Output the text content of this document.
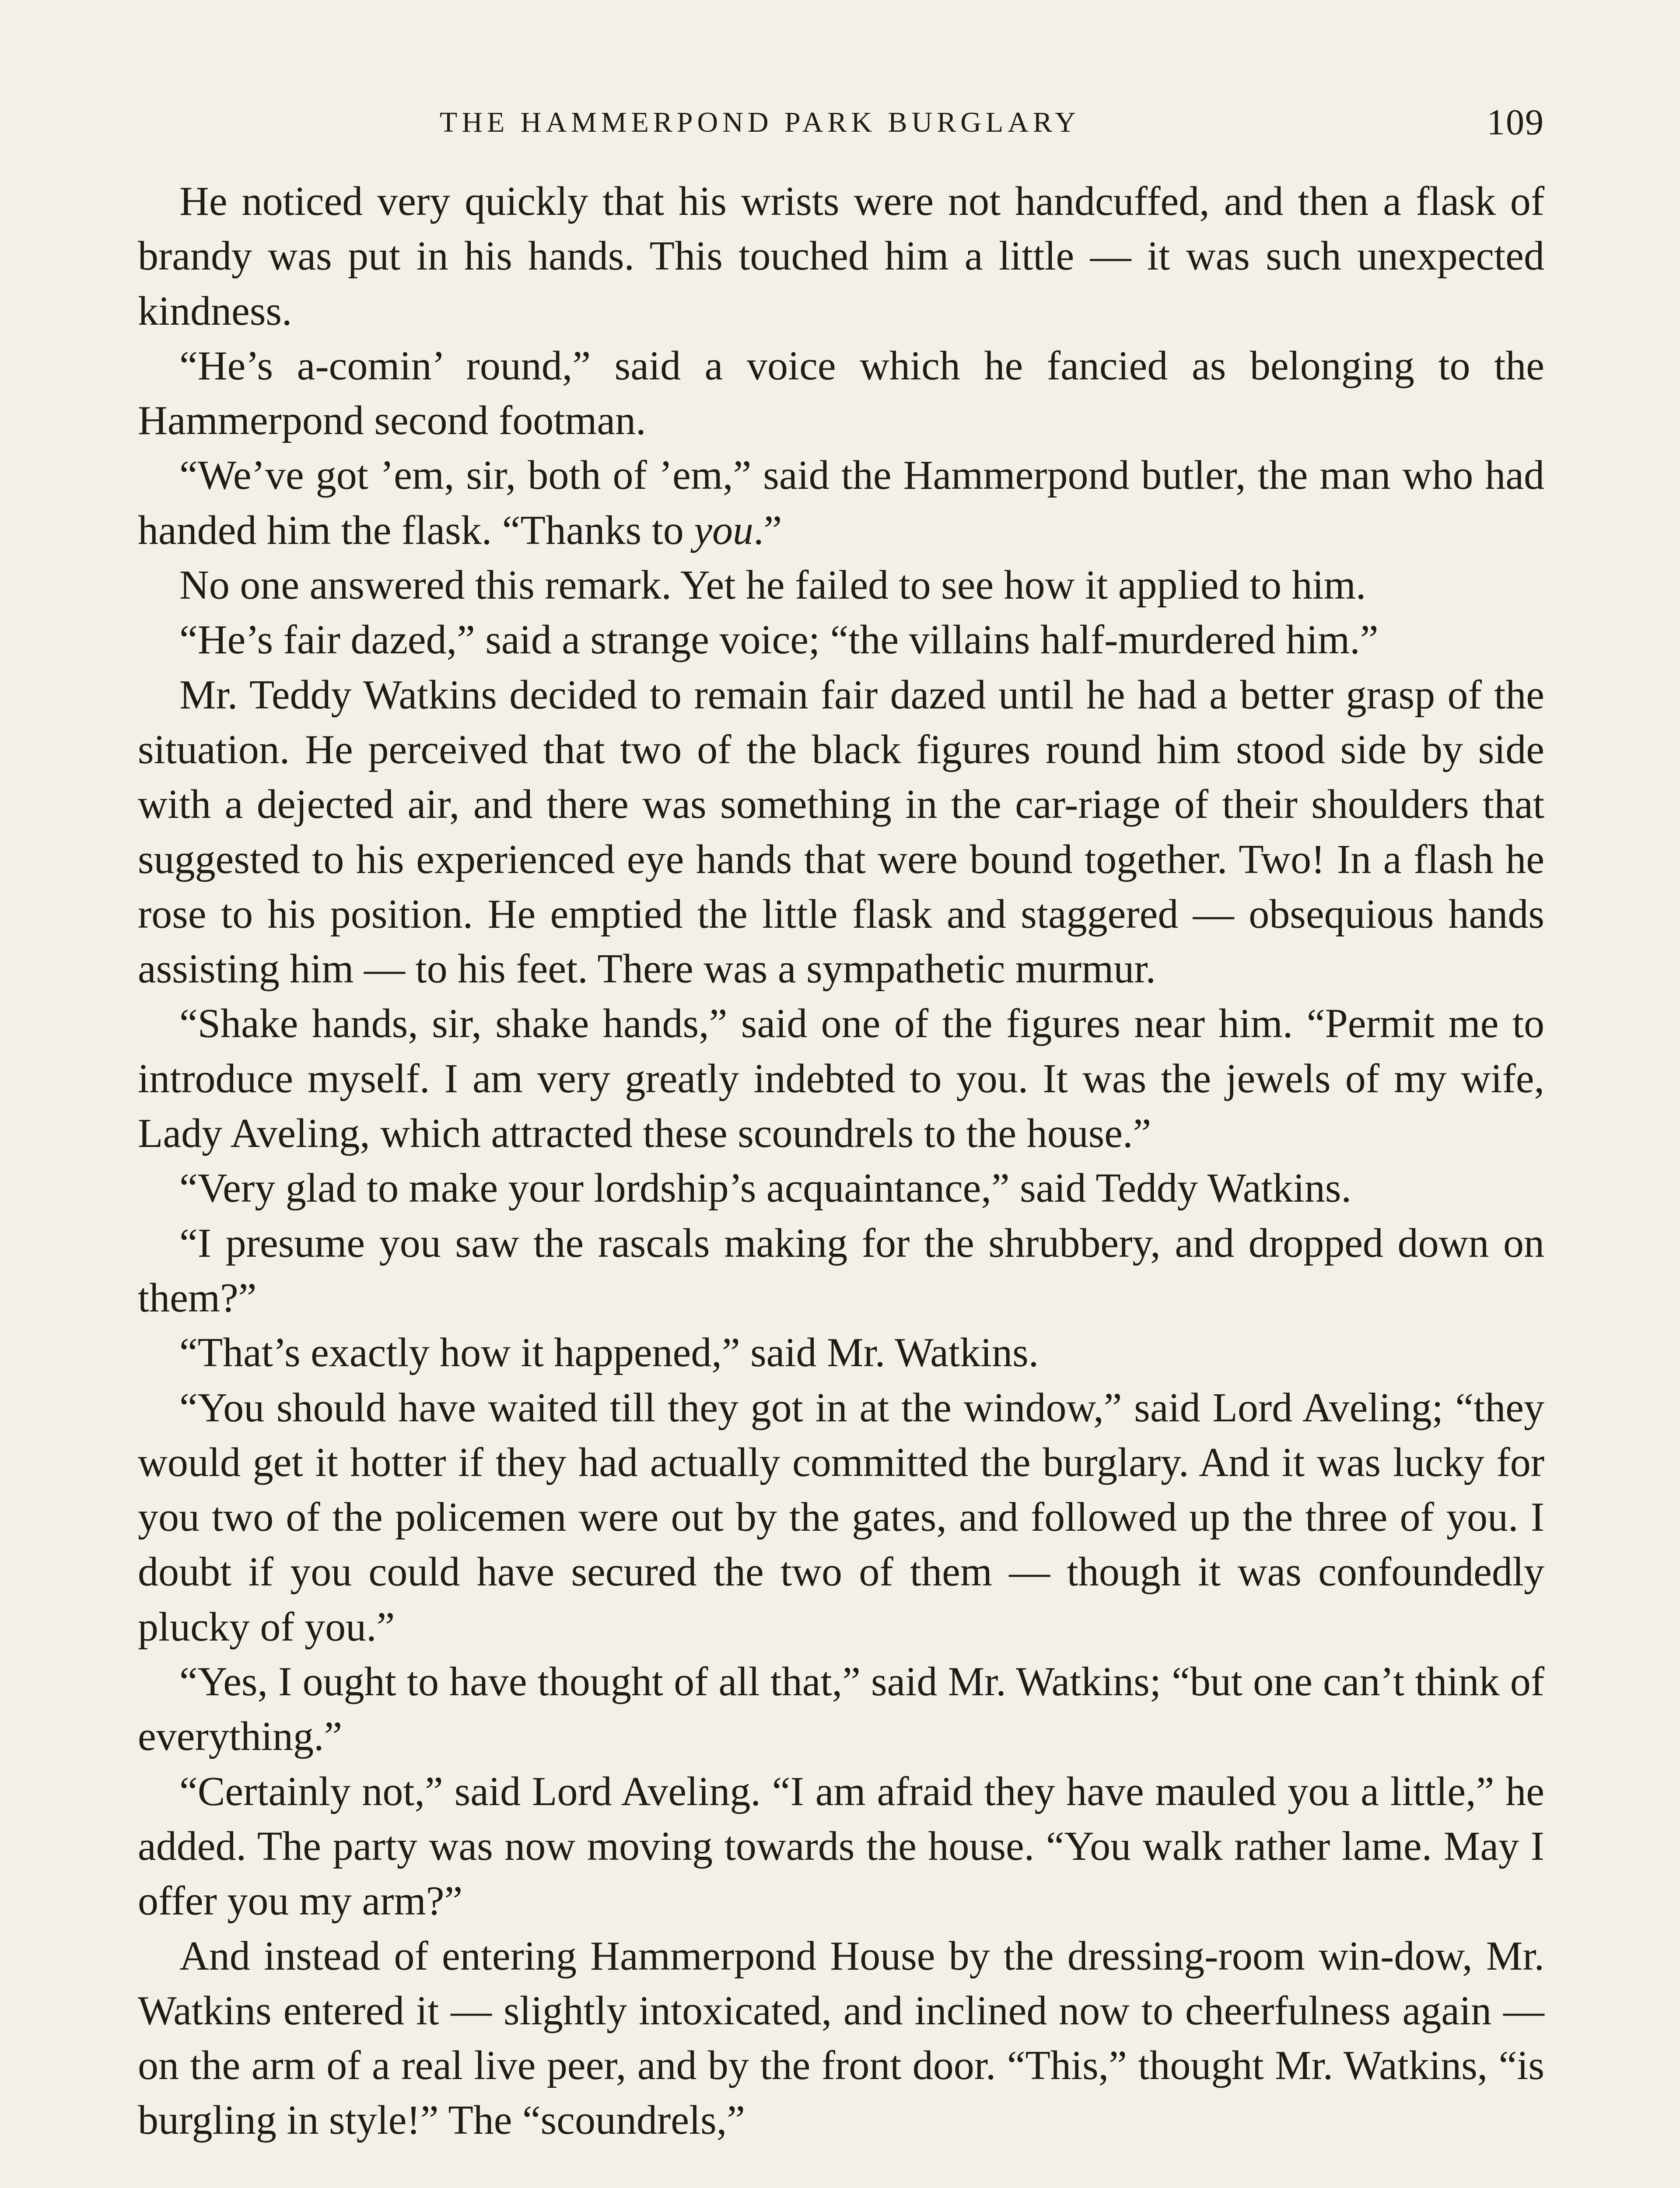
THE HAMMERPOND PARK BURGLARY	109

He noticed very quickly that his wrists were not handcuffed, and then a flask of brandy was put in his hands. This touched him a little — it was such unexpected kindness.

“He’s a-comin’ round,” said a voice which he fancied as belonging to the Hammerpond second footman.

“We’ve got ’em, sir, both of ’em,” said the Hammerpond butler, the man who had handed him the flask. “Thanks to you.”

No one answered this remark. Yet he failed to see how it applied to him.

“He’s fair dazed,” said a strange voice; “the villains half-murdered him.”

Mr. Teddy Watkins decided to remain fair dazed until he had a better grasp of the situation. He perceived that two of the black figures round him stood side by side with a dejected air, and there was something in the car-riage of their shoulders that suggested to his experienced eye hands that were bound together. Two! In a flash he rose to his position. He emptied the little flask and staggered — obsequious hands assisting him — to his feet. There was a sympathetic murmur.

“Shake hands, sir, shake hands,” said one of the figures near him. “Permit me to introduce myself. I am very greatly indebted to you. It was the jewels of my wife, Lady Aveling, which attracted these scoundrels to the house.”

“Very glad to make your lordship’s acquaintance,” said Teddy Watkins.

“I presume you saw the rascals making for the shrubbery, and dropped down on them?”

“That’s exactly how it happened,” said Mr. Watkins.

“You should have waited till they got in at the window,” said Lord Aveling; “they would get it hotter if they had actually committed the burglary. And it was lucky for you two of the policemen were out by the gates, and followed up the three of you. I doubt if you could have secured the two of them — though it was confoundedly plucky of you.”

“Yes, I ought to have thought of all that,” said Mr. Watkins; “but one can’t think of everything.”

“Certainly not,” said Lord Aveling. “I am afraid they have mauled you a little,” he added. The party was now moving towards the house. “You walk rather lame. May I offer you my arm?”

And instead of entering Hammerpond House by the dressing-room win-dow, Mr. Watkins entered it — slightly intoxicated, and inclined now to cheerfulness again — on the arm of a real live peer, and by the front door. “This,” thought Mr. Watkins, “is burgling in style!” The “scoundrels,”
